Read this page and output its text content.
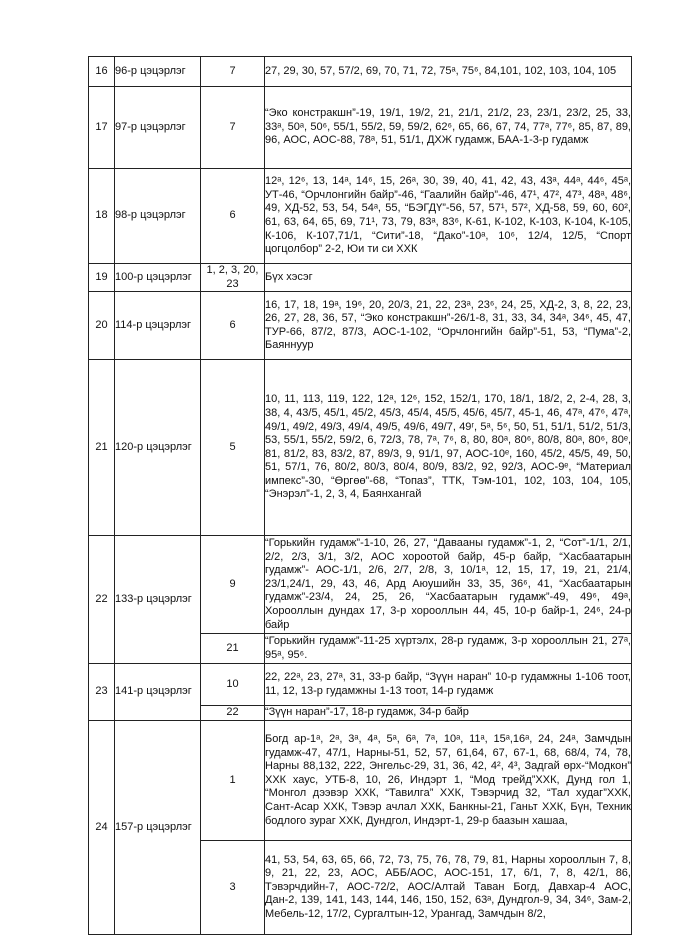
16	96-р цэцэрлэг	7	27, 29, 30, 57, 57/2, 69, 70, 71, 72, 75ᵃ, 75⁶, 84,101, 102, 103, 104, 105
17	97-р цэцэрлэг	7	“Эко констракшн”-19, 19/1, 19/2, 21, 21/1, 21/2, 23, 23/1, 23/2, 25, 33, 33ᵃ, 50ᵃ, 50⁶, 55/1, 55/2, 59, 59/2, 62⁶, 65, 66, 67, 74, 77ᵃ, 77⁶, 85, 87, 89, 96, АОС, АОС-88, 78ᵃ, 51, 51/1, ДХЖ гудамж, БАА-1-3-р гудамж
18	98-р цэцэрлэг	6	12ᵃ, 12⁶, 13, 14ᵃ, 14⁶, 15, 26ᵃ, 30, 39, 40, 41, 42, 43, 43ᵃ, 44ᵃ, 44⁶, 45ᵃ, УТ-46, “Орчлонгийн байр”-46, “Гаалийн байр”-46, 47¹, 47², 47³, 48ᵃ, 48⁶, 49, ХД-52, 53, 54, 54ᵃ, 55, “БЭГДҮ”-56, 57, 57¹, 57², ХД-58, 59, 60, 60², 61, 63, 64, 65, 69, 71¹, 73, 79, 83ᵃ, 83⁶, К-61, К-102, К-103, К-104, К-105, К-106, К-107,71/1, “Сити”-18, “Дако”-10ᵃ, 10⁶, 12/4, 12/5, “Спорт цогцолбор” 2-2, Юи ти си ХХК
19	100-р цэцэрлэг	1, 2, 3, 20, 23	Бүх хэсэг
20	114-р цэцэрлэг	6	16, 17, 18, 19ᵃ, 19⁶, 20, 20/3, 21, 22, 23ᵃ, 23⁶, 24, 25, ХД-2, 3, 8, 22, 23, 26, 27, 28, 36, 57, “Эко констракшн”-26/1-8, 31, 33, 34, 34ᵃ, 34⁶, 45, 47, ТУР-66, 87/2, 87/3, АОС-1-102, “Орчлонгийн байр”-51, 53, “Пума”-2, Баяннуур
21	120-р цэцэрлэг	5	10, 11, 113, 119, 122, 12ᵃ, 12⁶, 152, 152/1, 170, 18/1, 18/2, 2, 2-4, 28, 3, 38, 4, 43/5, 45/1, 45/2, 45/3, 45/4, 45/5, 45/6, 45/7, 45-1, 46, 47ᵃ, 47⁶, 47ᵃ, 49/1, 49/2, 49/3, 49/4, 49/5, 49/6, 49/7, 49ʳ, 5ᵃ, 5⁶, 50, 51, 51/1, 51/2, 51/3, 53, 55/1, 55/2, 59/2, 6, 72/3, 78, 7ᵃ, 7⁶, 8, 80, 80ᵃ, 80⁶, 80/8, 80ᵃ, 80⁶, 80ᵉ, 81, 81/2, 83, 83/2, 87, 89/3, 9, 91/1, 97, АОС-10ᵉ, 160, 45/2, 45/5, 49, 50, 51, 57/1, 76, 80/2, 80/3, 80/4, 80/9, 83/2, 92, 92/3, АОС-9ᵉ, “Материал импекс”-30, “Өргөө”-68, “Топаз”, ТТК, Тэм-101, 102, 103, 104, 105, “Энэрэл”-1, 2, 3, 4, Баянхангай
22	133-р цэцэрлэг	9	“Горькийн гудамж”-1-10, 26, 27, “Даваaны гудамж”-1, 2, “Сот”-1/1, 2/1, 2/2, 2/3, 3/1, 3/2, АОС хороотой байр, 45-р байр, “Хасбаатарын гудамж”- АОС-1/1, 2/6, 2/7, 2/8, 3, 10/1ᵃ, 12, 15, 17, 19, 21, 21/4, 23/1,24/1, 29, 43, 46, Ард Аюушийн 33, 35, 36⁶, 41, “Хасбаатарын гудамж”-23/4, 24, 25, 26, “Хасбаатарын гудамж”-49, 49⁶, 49ᵃ, Хорооллын дундах 17, 3-р хорооллын 44, 45, 10-р байр-1, 24⁶, 24-р байр
		21	“Горькийн гудамж”-11-25 хүртэлх, 28-р гудамж, 3-р хорооллын 21, 27ᵃ, 95ᵃ, 95⁶.
23	141-р цэцэрлэг	10	22, 22ᵃ, 23, 27ᵃ, 31, 33-р байр, “Зүүн наран” 10-р гудамжны 1-106 тоот, 11, 12, 13-р гудамжны 1-13 тоот, 14-р гудамж
		22	“Зүүн наран”-17, 18-р гудамж, 34-р байр
24	157-р цэцэрлэг	1	Богд ар-1ᵃ, 2ᵃ, 3ᵃ, 4ᵃ, 5ᵃ, 6ᵃ, 7ᵃ, 10ᵃ, 11ᵃ, 15ᵃ,16ᵃ, 24, 24ᵃ, Замчдын гудамж-47, 47/1, Нарны-51, 52, 57, 61,64, 67, 67-1, 68, 68/4, 74, 78, Нарны 88,132, 222, Энгельс-29, 31, 36, 42, 4², 4³, Задгай өрх-“Модкон” ХХК хаус, УТБ-8, 10, 26, Индэрт 1, “Мод трейд”ХХК, Дунд гол 1, “Монгол дээвэр ХХК, “Тавилга” ХХК, Тэвэрчид 32, “Тал худаг”ХХК, Сант-Асар ХХК, Тэвэр ачлал ХХК, Банкны-21, Ганьт ХХК, Бүн, Техник бодлого зураг ХХК, Дундгол, Индэрт-1, 29-р баазын хашаа,
		3	41, 53, 54, 63, 65, 66, 72, 73, 75, 76, 78, 79, 81, Нарны хорооллын 7, 8, 9, 21, 22, 23, АОС, АББ/АОС, АОС-151, 17, 6/1, 7, 8, 42/1, 86, Тэвэрчдийн-7, АОС-72/2, АОС/Алтай Таван Богд, Давхар-4 АОС, Дан-2, 139, 141, 143, 144, 146, 150, 152, 63ᵃ, Дундгол-9, 34, 34⁶, Зам-2, Мебель-12, 17/2, Сургалтын-12, Урангад, Замчдын 8/2,
